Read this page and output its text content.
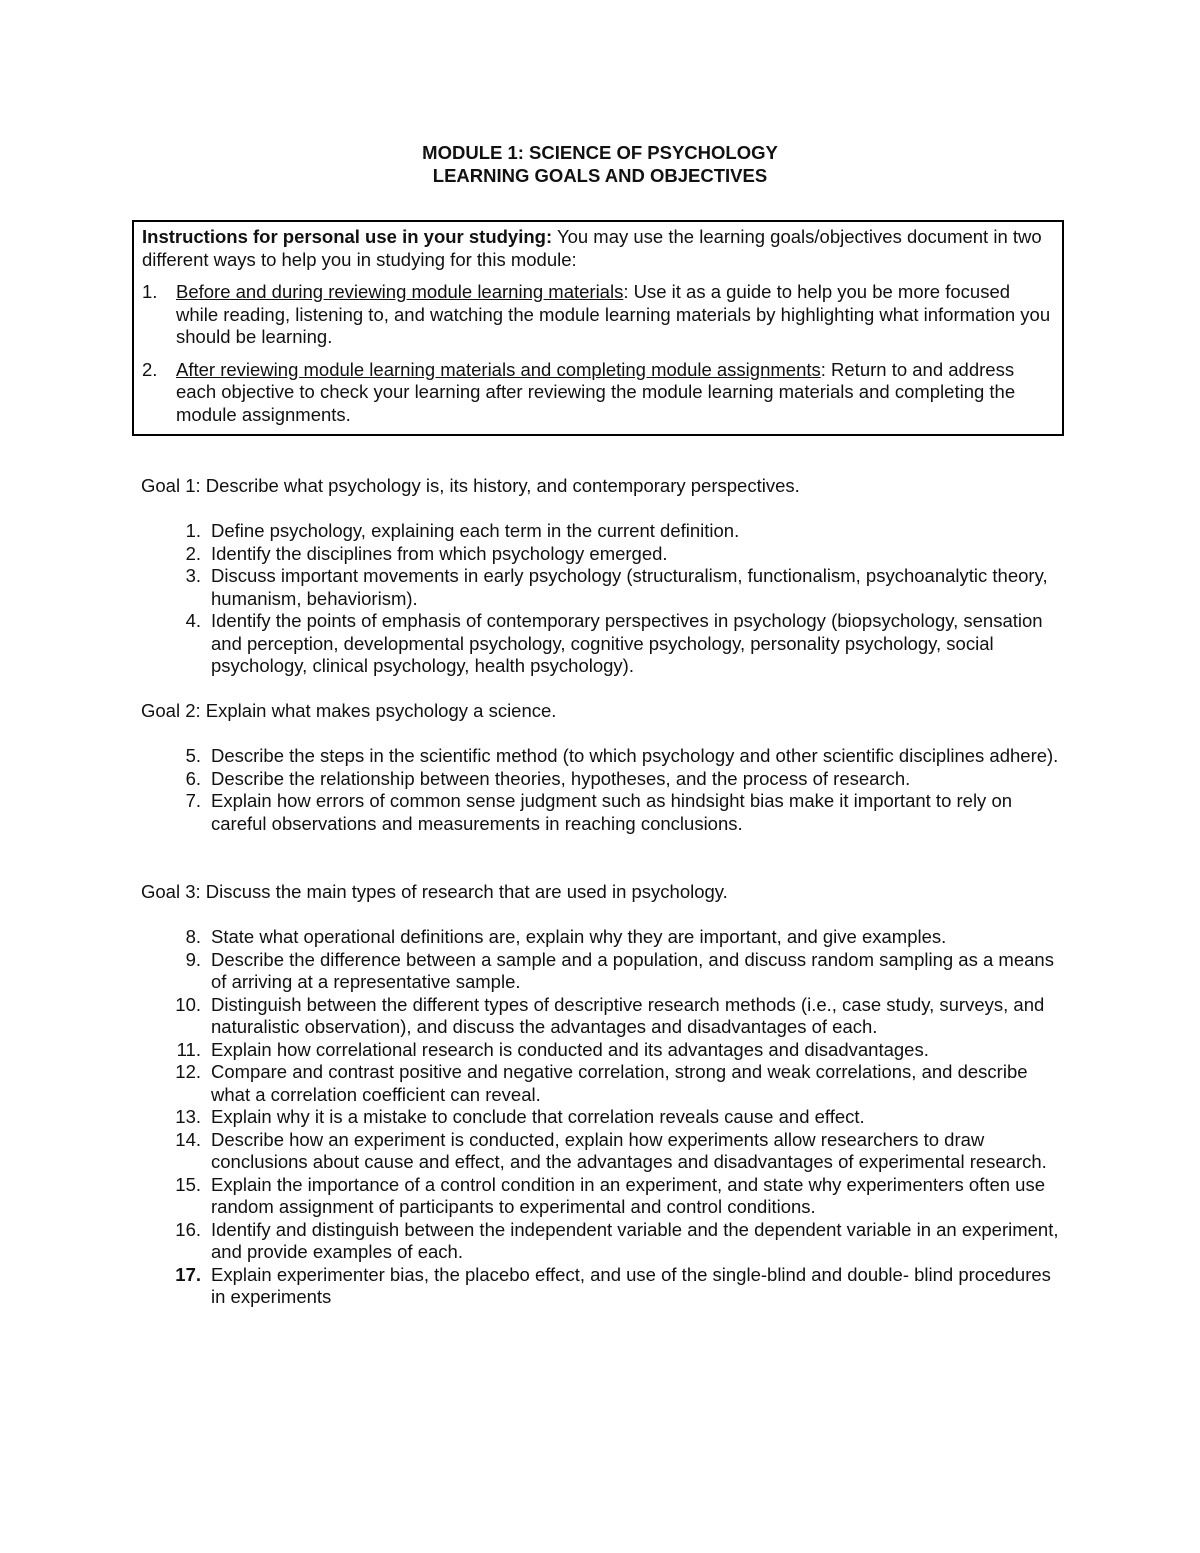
MODULE 1: SCIENCE OF PSYCHOLOGY
LEARNING GOALS AND OBJECTIVES

Instructions for personal use in your studying: You may use the learning goals/objectives document in two different ways to help you in studying for this module:

1. Before and during reviewing module learning materials: Use it as a guide to help you be more focused while reading, listening to, and watching the module learning materials by highlighting what information you should be learning.
2. After reviewing module learning materials and completing module assignments: Return to and address each objective to check your learning after reviewing the module learning materials and completing the module assignments.
Goal 1: Describe what psychology is, its history, and contemporary perspectives.
1. Define psychology, explaining each term in the current definition.
2. Identify the disciplines from which psychology emerged.
3. Discuss important movements in early psychology (structuralism, functionalism, psychoanalytic theory, humanism, behaviorism).
4. Identify the points of emphasis of contemporary perspectives in psychology (biopsychology, sensation and perception, developmental psychology, cognitive psychology, personality psychology, social psychology, clinical psychology, health psychology).
Goal 2: Explain what makes psychology a science.
5. Describe the steps in the scientific method (to which psychology and other scientific disciplines adhere).
6. Describe the relationship between theories, hypotheses, and the process of research.
7. Explain how errors of common sense judgment such as hindsight bias make it important to rely on careful observations and measurements in reaching conclusions.
Goal 3: Discuss the main types of research that are used in psychology.
8. State what operational definitions are, explain why they are important, and give examples.
9. Describe the difference between a sample and a population, and discuss random sampling as a means of arriving at a representative sample.
10. Distinguish between the different types of descriptive research methods (i.e., case study, surveys, and naturalistic observation), and discuss the advantages and disadvantages of each.
11. Explain how correlational research is conducted and its advantages and disadvantages.
12. Compare and contrast positive and negative correlation, strong and weak correlations, and describe what a correlation coefficient can reveal.
13. Explain why it is a mistake to conclude that correlation reveals cause and effect.
14. Describe how an experiment is conducted, explain how experiments allow researchers to draw conclusions about cause and effect, and the advantages and disadvantages of experimental research.
15. Explain the importance of a control condition in an experiment, and state why experimenters often use random assignment of participants to experimental and control conditions.
16. Identify and distinguish between the independent variable and the dependent variable in an experiment, and provide examples of each.
17. Explain experimenter bias, the placebo effect, and use of the single-blind and double- blind procedures in experiments
